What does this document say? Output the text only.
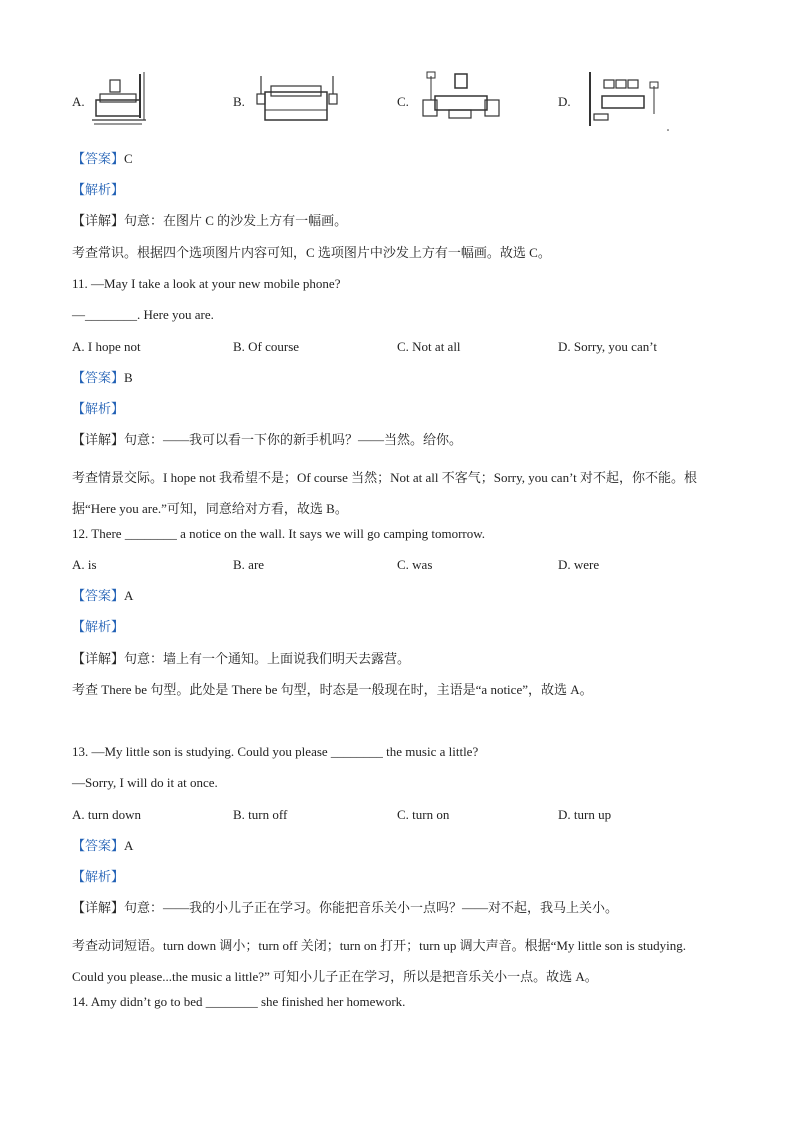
A.	B.	C.	D.
【答案】C
【解析】
【详解】句意：在图片 C 的沙发上方有一幅画。
考查常识。根据四个选项图片内容可知，C 选项图片中沙发上方有一幅画。故选 C。
11. —May I take a look at your new mobile phone?
—________. Here you are.
A. I hope not	B. Of course	C. Not at all	D. Sorry, you can’t
【答案】B
【解析】
【详解】句意：——我可以看一下你的新手机吗？——当然。给你。
考查情景交际。I hope not 我希望不是；Of course 当然；Not at all 不客气；Sorry, you can’t 对不起，你不能。根据“Here you are.”可知，同意给对方看，故选 B。
12. There ________ a notice on the wall. It says we will go camping tomorrow.
A. is	B. are	C. was	D. were
【答案】A
【解析】
【详解】句意：墙上有一个通知。上面说我们明天去露营。
考查 There be 句型。此处是 There be 句型，时态是一般现在时，主语是“a notice”，故选 A。
13. —My little son is studying. Could you please ________ the music a little?
—Sorry, I will do it at once.
A. turn down	B. turn off	C. turn on	D. turn up
【答案】A
【解析】
【详解】句意：——我的小儿子正在学习。你能把音乐关小一点吗？——对不起，我马上关小。
考查动词短语。turn down 调小；turn off 关闭；turn on 打开；turn up 调大声音。根据“My little son is studying. Could you please...the music a little?” 可知小儿子正在学习，所以是把音乐关小一点。故选 A。
14. Amy didn’t go to bed ________ she finished her homework.
